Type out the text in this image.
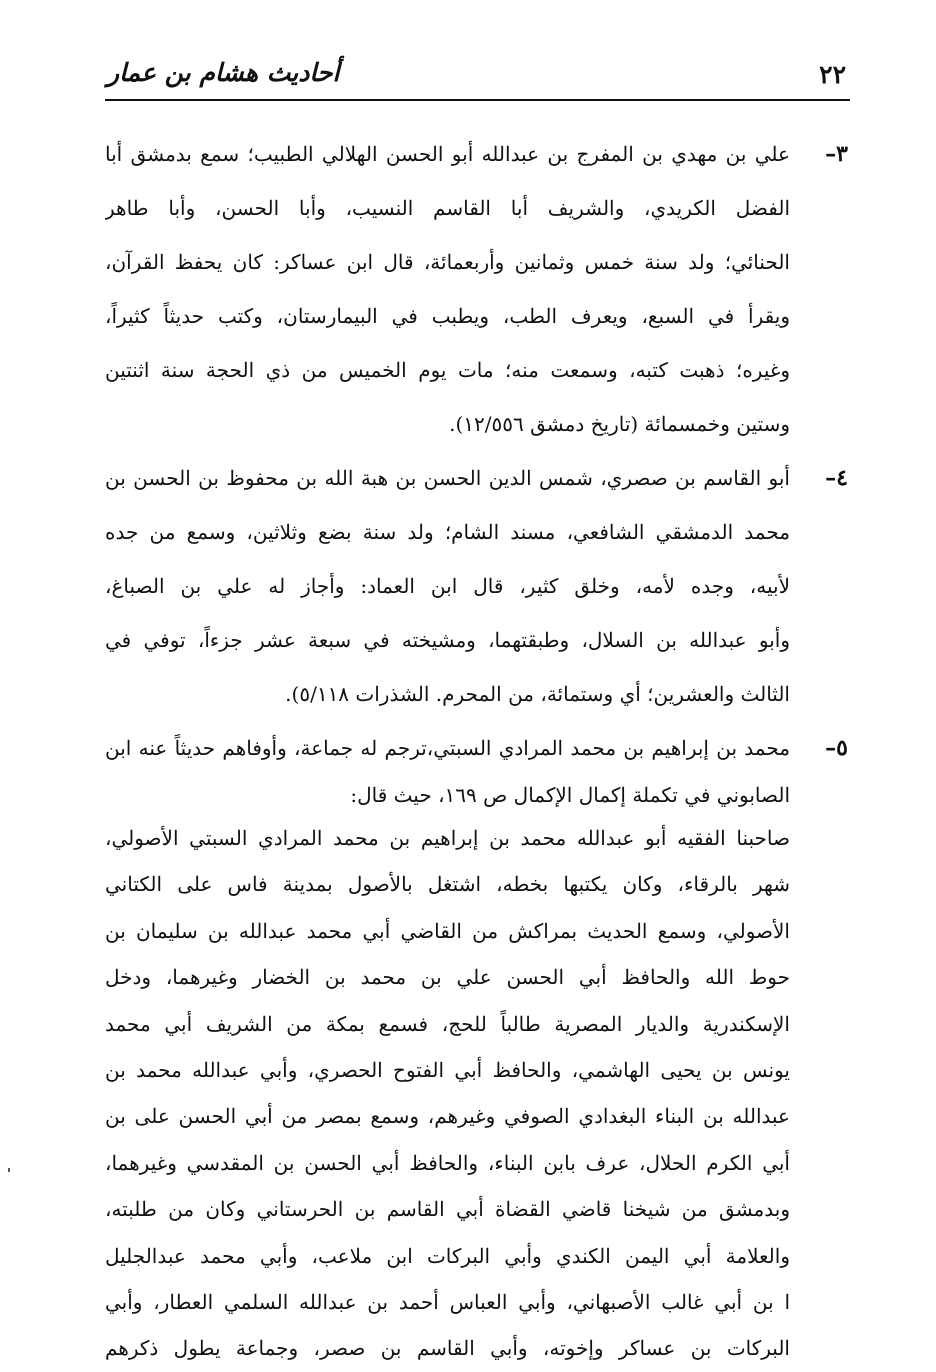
٢٢
أحاديث هشام بن عمار
٣–
علي بن مهدي بن المفرج بن عبدالله أبو الحسن الهلالي الطبيب؛ سمع بدمشق أبا
الفضل الكريدي، والشريف أبا القاسم النسيب، وأبا الحسن، وأبا طاهر
الحنائي؛ ولد سنة خمس وثمانين وأربعمائة، قال ابن عساكر: كان يحفظ القرآن،
ويقرأ في السبع، ويعرف الطب، ويطبب في البيمارستان، وكتب حديثاً كثيراً،
وغيره؛ ذهبت كتبه، وسمعت منه؛ مات يوم الخميس من ذي الحجة سنة اثنتين
وستين وخمسمائة (تاريخ دمشق ١٢/٥٥٦).
٤–
أبو القاسم بن صصري، شمس الدين الحسن بن هبة الله بن محفوظ بن الحسن بن
محمد الدمشقي الشافعي، مسند الشام؛ ولد سنة بضع وثلاثين، وسمع من جده
لأبيه، وجده لأمه، وخلق كثير، قال ابن العماد: وأجاز له علي بن الصباغ،
وأبو عبدالله بن السلال، وطبقتهما، ومشيخته في سبعة عشر جزءاً، توفي في
الثالث والعشرين؛ أي وستمائة، من المحرم. الشذرات ٥/١١٨).
٥–
محمد بن إبراهيم بن محمد المرادي السبتي،ترجم له جماعة، وأوفاهم حديثاً عنه ابن
الصابوني في تكملة إكمال الإكمال ص ١٦٩، حيث قال:
صاحبنا الفقيه أبو عبدالله محمد بن إبراهيم بن محمد المرادي السبتي الأصولي،
شهر بالرقاء، وكان يكتبها بخطه، اشتغل بالأصول بمدينة فاس على الكتاني
الأصولي، وسمع الحديث بمراكش من القاضي أبي محمد عبدالله بن سليمان بن
حوط الله والحافظ أبي الحسن علي بن محمد بن الخضار وغيرهما، ودخل
الإسكندرية والديار المصرية طالباً للحج، فسمع بمكة من الشريف أبي محمد
يونس بن يحيى الهاشمي، والحافظ أبي الفتوح الحصري، وأبي عبدالله محمد بن
عبدالله بن البناء البغدادي الصوفي وغيرهم، وسمع بمصر من أبي الحسن على بن
أبي الكرم الحلال، عرف بابن البناء، والحافظ أبي الحسن بن المقدسي وغيرهما،
وبدمشق من شيخنا قاضي القضاة أبي القاسم بن الحرستاني وكان من طلبته،
والعلامة أبي اليمن الكندي وأبي البركات ابن ملاعب، وأبي محمد عبدالجليل
ا بن أبي غالب الأصبهاني، وأبي العباس أحمد بن عبدالله السلمي العطار، وأبي
البركات بن عساكر وإخوته، وأبي القاسم بن صصر، وجماعة يطول ذكرهم
